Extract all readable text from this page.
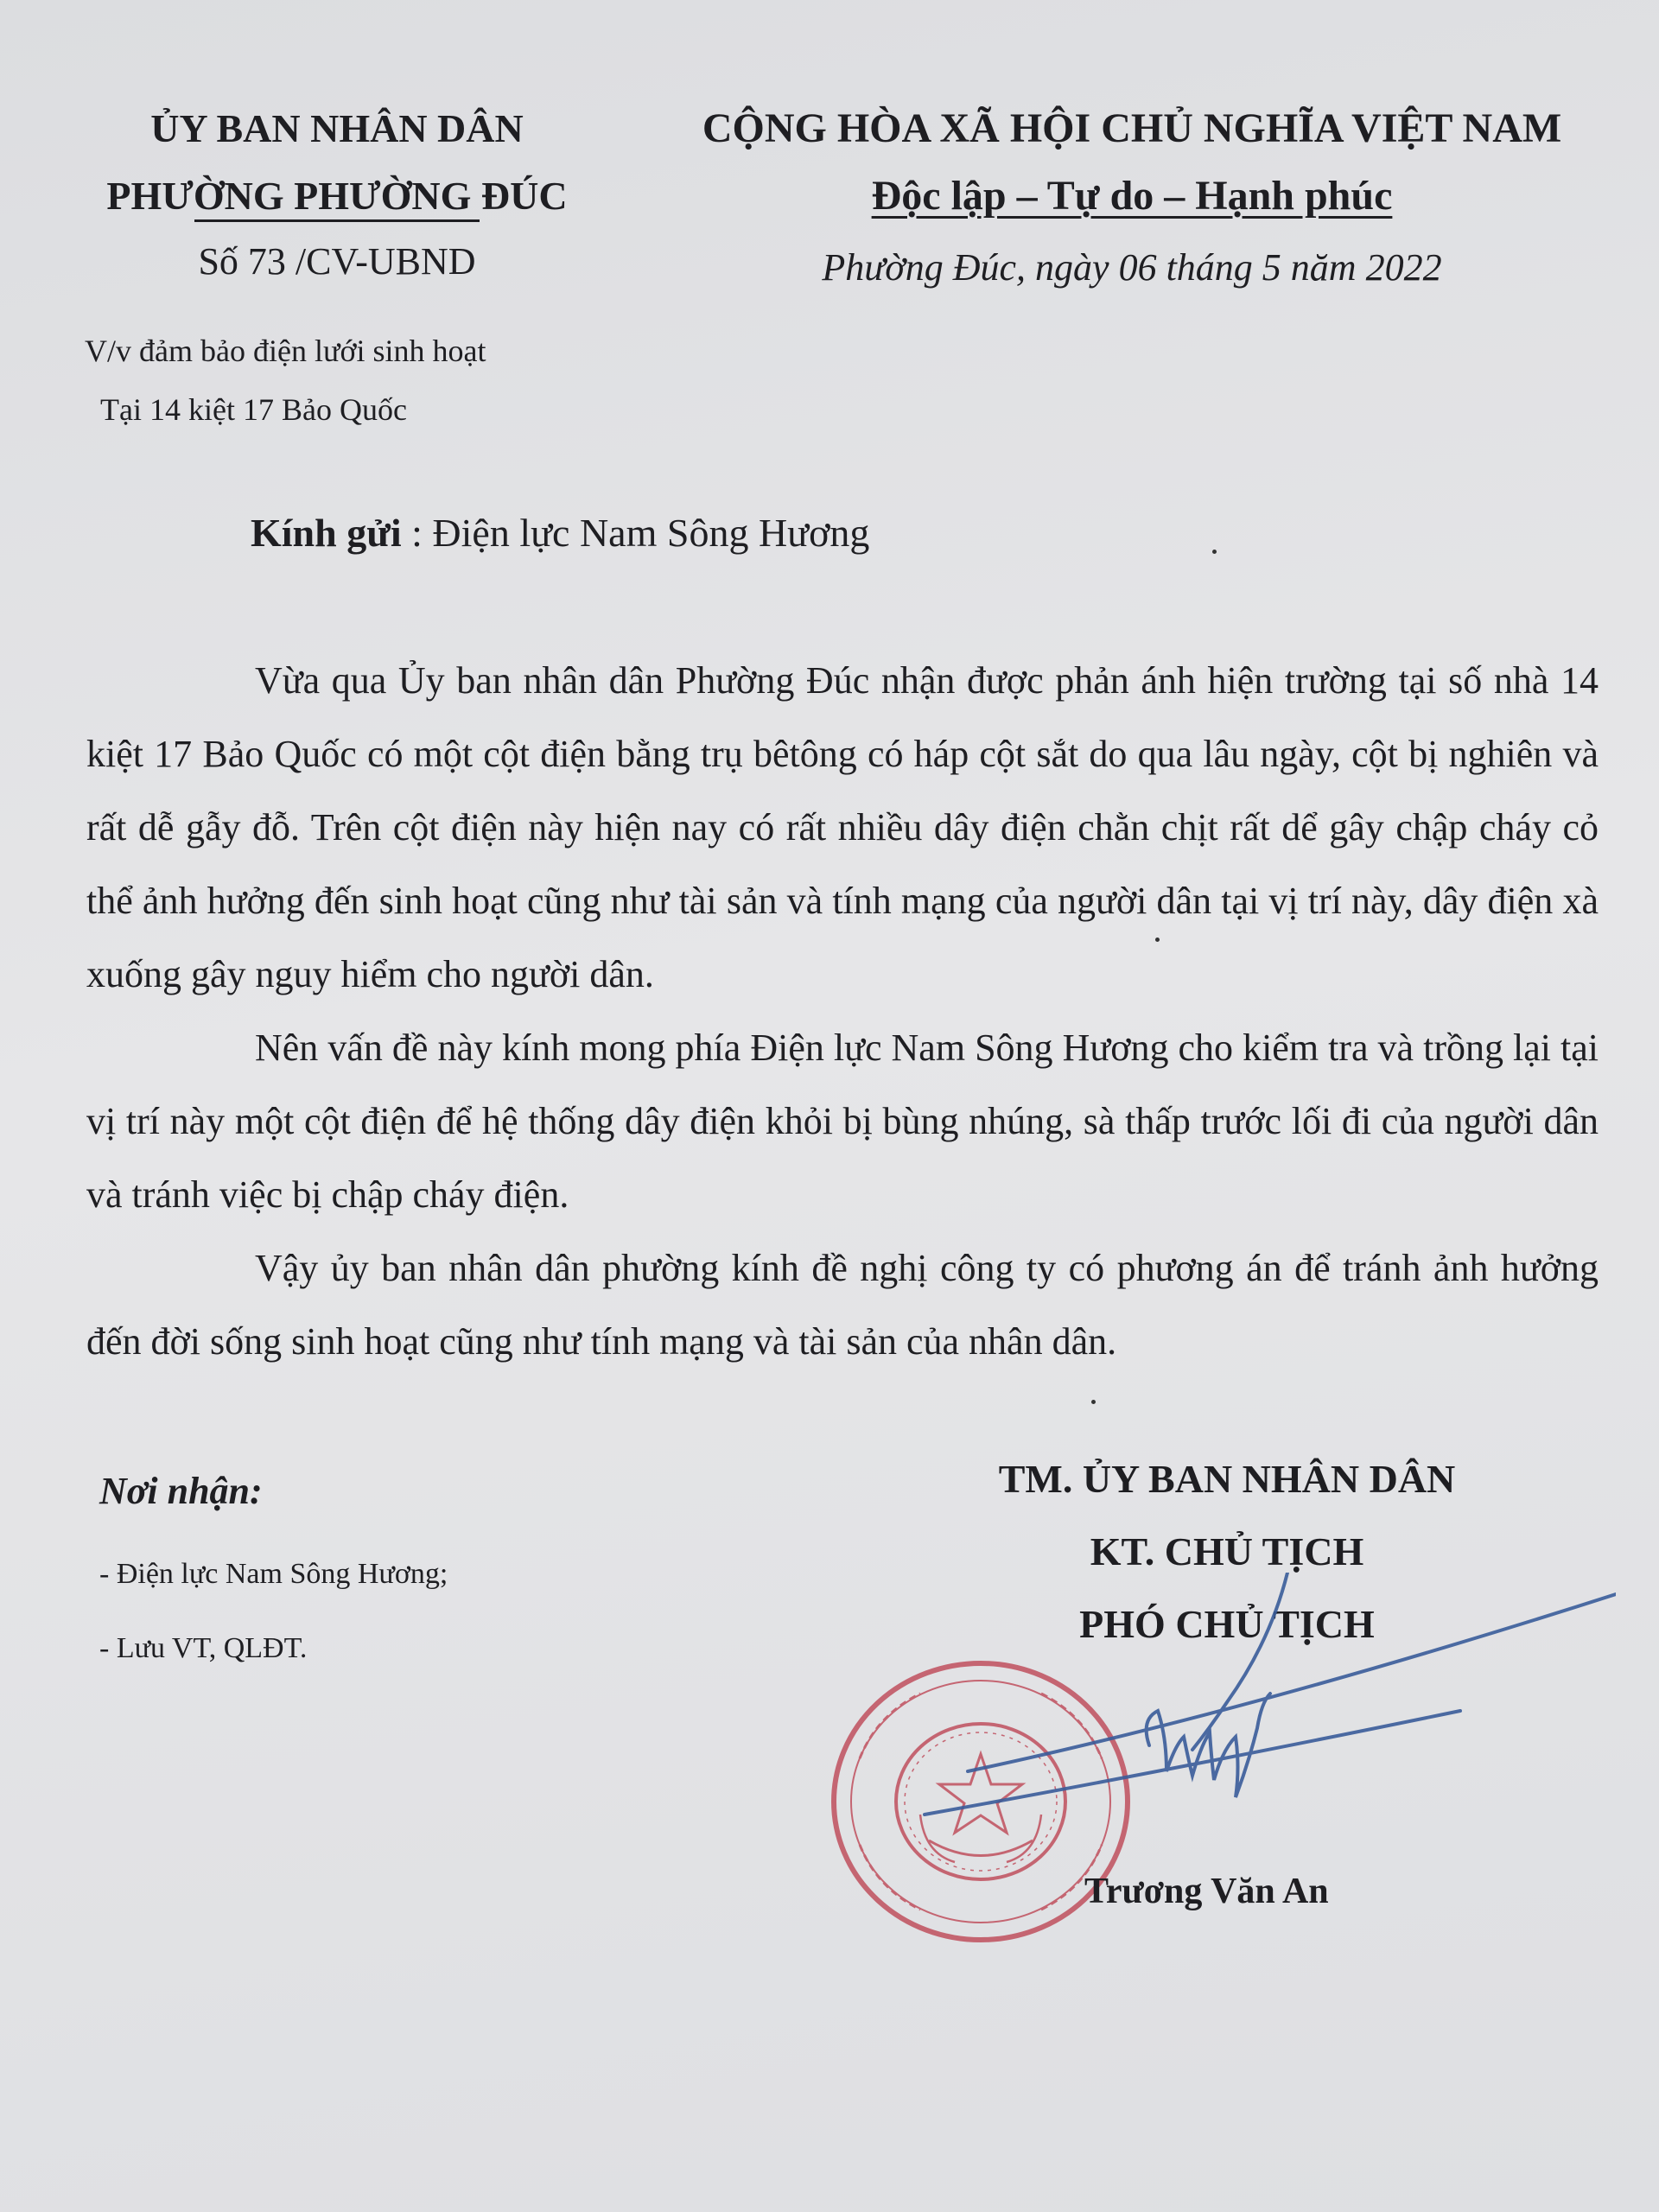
ỦY BAN NHÂN DÂN
PHƯỜNG PHƯỜNG ĐÚC
Số 73 /CV-UBND
V/v đảm bảo điện lưới sinh hoạt
Tại 14 kiệt 17 Bảo Quốc
CỘNG HÒA XÃ HỘI CHỦ NGHĨA VIỆT NAM
Độc lập – Tự do – Hạnh phúc
Phường Đúc, ngày 06 tháng 5 năm 2022
Kính gửi : Điện lực Nam Sông Hương

Vừa qua Ủy ban nhân dân Phường Đúc nhận được phản ánh hiện trường tại số nhà 14 kiệt 17 Bảo Quốc có một cột điện bằng trụ bêtông có háp cột sắt do qua lâu ngày, cột bị nghiên và rất dễ gẫy đỗ. Trên cột điện này hiện nay có rất nhiều dây điện chằn chịt rất dể gây chập cháy cỏ thể ảnh hưởng đến sinh hoạt cũng như tài sản và tính mạng của người dân tại vị trí này, dây điện xà xuống gây nguy hiểm cho người dân.

Nên vấn đề này kính mong phía Điện lực Nam Sông Hương cho kiểm tra và trồng lại tại vị trí này một cột điện để hệ thống dây điện khỏi bị bùng nhúng, sà thấp trước lối đi của người dân và tránh việc bị chập cháy điện.

Vậy ủy ban nhân dân phường kính đề nghị công ty có phương án để tránh ảnh hưởng đến đời sống sinh hoạt cũng như tính mạng và tài sản của nhân dân.

Nơi nhận:
- Điện lực Nam Sông Hương;
- Lưu VT, QLĐT.
TM. ỦY BAN NHÂN DÂN
KT. CHỦ TỊCH
PHÓ CHỦ TỊCH
Trương Văn An
